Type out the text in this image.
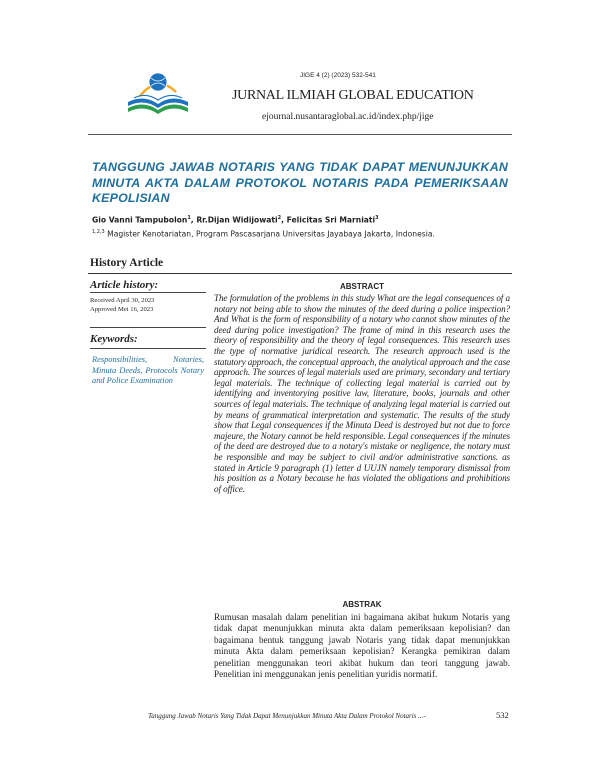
JIGE 4 (2) (2023) 532-541
JURNAL ILMIAH GLOBAL EDUCATION
ejournal.nusantaraglobal.ac.id/index.php/jige
TANGGUNG JAWAB NOTARIS YANG TIDAK DAPAT MENUNJUKKAN MINUTA AKTA DALAM PROTOKOL NOTARIS PADA PEMERIKSAAN KEPOLISIAN
Gio Vanni Tampubolon$^1$, Rr.Dijan Widijowati$^2$, Felicitas Sri Marniati$^3$
$^{1,2,3}$ Magister Kenotariatan, Program Pascasarjana Universitas Jayabaya Jakarta, Indonesia.
History Article
Article history:
Received April 30, 2023
Approved Mei 16, 2023
Keywords:
Responsibilities, Notaries, Minuta Deeds, Protocols Notary and Police Examination
ABSTRACT
The formulation of the problems in this study What are the legal consequences of a notary not being able to show the minutes of the deed during a police inspection? And What is the form of responsibility of a notary who cannot show minutes of the deed during police investigation? The frame of mind in this research uses the theory of responsibility and the theory of legal consequences. This research uses the type of normative juridical research. The research approach used is the statutory approach, the conceptual approach, the analytical approach and the case approach. The sources of legal materials used are primary, secondary and tertiary legal materials. The technique of collecting legal material is carried out by identifying and inventorying positive law, literature, books, journals and other sources of legal materials. The technique of analyzing legal material is carried out by means of grammatical interpretation and systematic. The results of the study show that Legal consequences if the Minuta Deed is destroyed but not due to force majeure, the Notary cannot be held responsible. Legal consequences if the minutes of the deed are destroyed due to a notary's mistake or negligence, the notary must be responsible and may be subject to civil and/or administrative sanctions. as stated in Article 9 paragraph (1) letter d UUJN namely temporary dismissal from his position as a Notary because he has violated the obligations and prohibitions of office.
ABSTRAK
Rumusan masalah dalam penelitian ini bagaimana akibat hukum Notaris yang tidak dapat menunjukkan minuta akta dalam pemeriksaan kepolisian? dan bagaimana bentuk tanggung jawab Notaris yang tidak dapat menunjukkan minuta Akta dalam pemeriksaan kepolisian? Kerangka pemikiran dalam penelitian menggunakan teori akibat hukum dan teori tanggung jawab. Penelitian ini menggunakan jenis penelitian yuridis normatif.
Tanggung Jawab Notaris Yang Tidak Dapat Menunjukkan Minuta Akta Dalam Protokol Notaris ...-	532
